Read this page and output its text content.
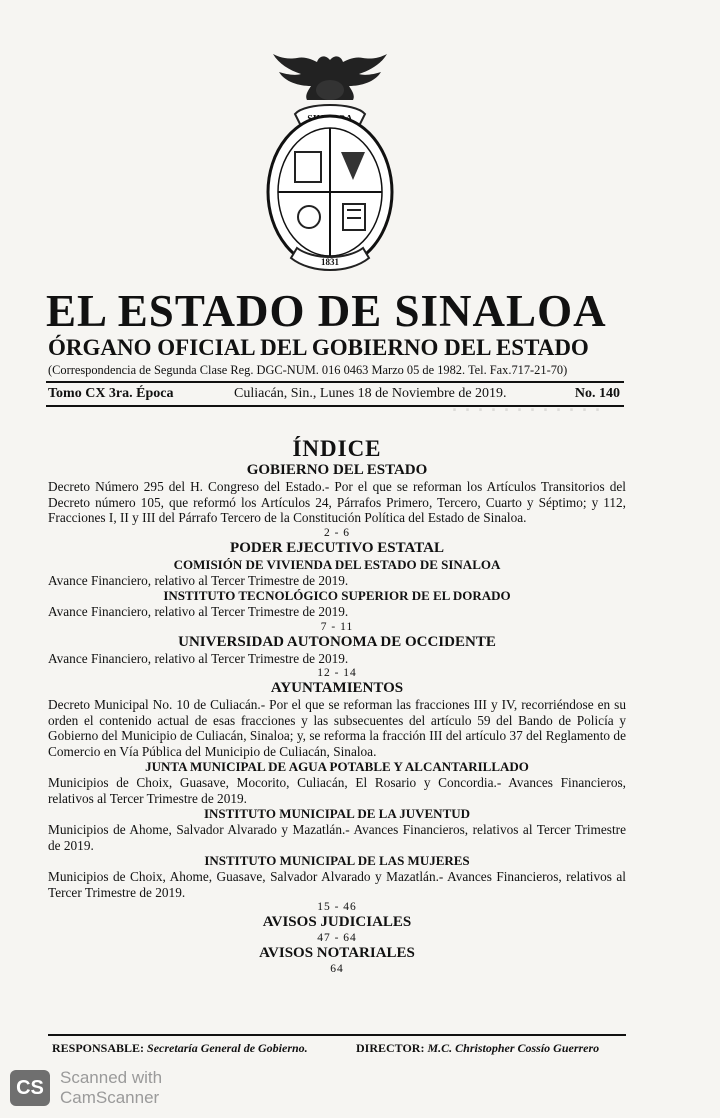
· · · · · · · · · · · ·
1831
EL ESTADO DE SINALOA
ÓRGANO OFICIAL DEL GOBIERNO DEL ESTADO
(Correspondencia de Segunda Clase Reg. DGC-NUM. 016 0463 Marzo 05 de 1982. Tel. Fax.717-21-70)
Tomo CX 3ra. Época	Culiacán, Sin., Lunes 18 de Noviembre de 2019.	No. 140

ÍNDICE

GOBIERNO DEL ESTADO

Decreto Número 295 del H. Congreso del Estado.- Por el que se reforman los Artículos Transitorios del Decreto número 105, que reformó los Artículos 24, Párrafos Primero, Tercero, Cuarto y Séptimo; y 112, Fracciones I, II y III del Párrafo Tercero de la Constitución Política del Estado de Sinaloa.

2 - 6

PODER EJECUTIVO ESTATAL

COMISIÓN DE VIVIENDA DEL ESTADO DE SINALOA

Avance Financiero, relativo al Tercer Trimestre de 2019.

INSTITUTO TECNOLÓGICO SUPERIOR DE EL DORADO

Avance Financiero, relativo al Tercer Trimestre de 2019.

7 - 11

UNIVERSIDAD AUTONOMA DE OCCIDENTE

Avance Financiero, relativo al Tercer Trimestre de 2019.

12 - 14

AYUNTAMIENTOS

Decreto Municipal No. 10 de Culiacán.- Por el que se reforman las fracciones III y IV, recorriéndose en su orden el contenido actual de esas fracciones y las subsecuentes del artículo 59 del Bando de Policía y Gobierno del Municipio de Culiacán, Sinaloa; y, se reforma la fracción III del artículo 37 del Reglamento de Comercio en Vía Pública del Municipio de Culiacán, Sinaloa.

JUNTA MUNICIPAL DE AGUA POTABLE Y ALCANTARILLADO

Municipios de Choix, Guasave, Mocorito, Culiacán, El Rosario y Concordia.- Avances Financieros, relativos al Tercer Trimestre de 2019.

INSTITUTO MUNICIPAL DE LA JUVENTUD

Municipios de Ahome, Salvador Alvarado y Mazatlán.- Avances Financieros, relativos al Tercer Trimestre de 2019.

INSTITUTO MUNICIPAL DE LAS MUJERES

Municipios de Choix, Ahome, Guasave, Salvador Alvarado y Mazatlán.- Avances Financieros, relativos al Tercer Trimestre de 2019.

15 - 46

AVISOS JUDICIALES

47 - 64

AVISOS NOTARIALES

64

RESPONSABLE: Secretaría General de Gobierno.	DIRECTOR: M.C. Christopher Cossío Guerrero
CS Scanned with
CamScanner
